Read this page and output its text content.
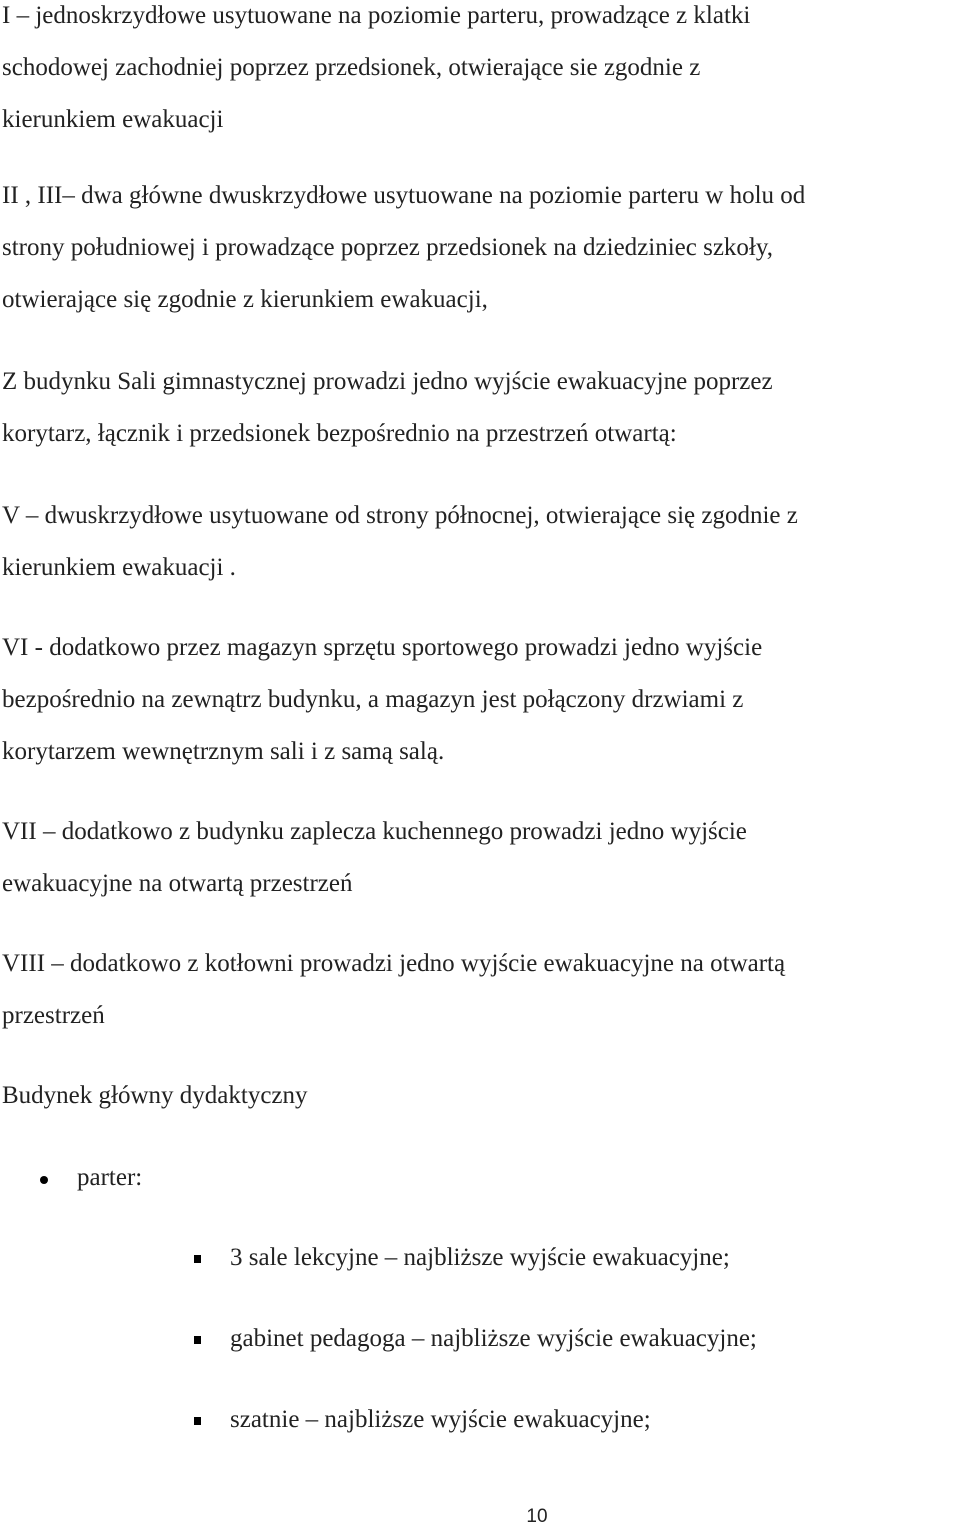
I – jednoskrzydłowe usytuowane na poziomie parteru, prowadzące z klatki
schodowej zachodniej poprzez przedsionek, otwierające sie zgodnie z
kierunkiem ewakuacji
II , III– dwa główne dwuskrzydłowe usytuowane na poziomie parteru w holu od
strony południowej i prowadzące poprzez przedsionek na dziedziniec szkoły,
otwierające się zgodnie z kierunkiem ewakuacji,
Z budynku Sali gimnastycznej prowadzi jedno wyjście ewakuacyjne poprzez
korytarz, łącznik i przedsionek bezpośrednio na przestrzeń otwartą:
V – dwuskrzydłowe usytuowane od strony północnej, otwierające się zgodnie z
kierunkiem ewakuacji .
VI - dodatkowo przez magazyn sprzętu sportowego prowadzi jedno wyjście
bezpośrednio na zewnątrz budynku, a magazyn jest połączony drzwiami z
korytarzem wewnętrznym sali i z samą salą.
VII – dodatkowo z budynku zaplecza kuchennego prowadzi jedno wyjście
ewakuacyjne na otwartą przestrzeń
VIII – dodatkowo z kotłowni prowadzi jedno wyjście ewakuacyjne na otwartą
przestrzeń
Budynek główny dydaktyczny
parter:
3 sale lekcyjne – najbliższe wyjście ewakuacyjne;
gabinet pedagoga – najbliższe wyjście ewakuacyjne;
szatnie – najbliższe wyjście ewakuacyjne;
10
